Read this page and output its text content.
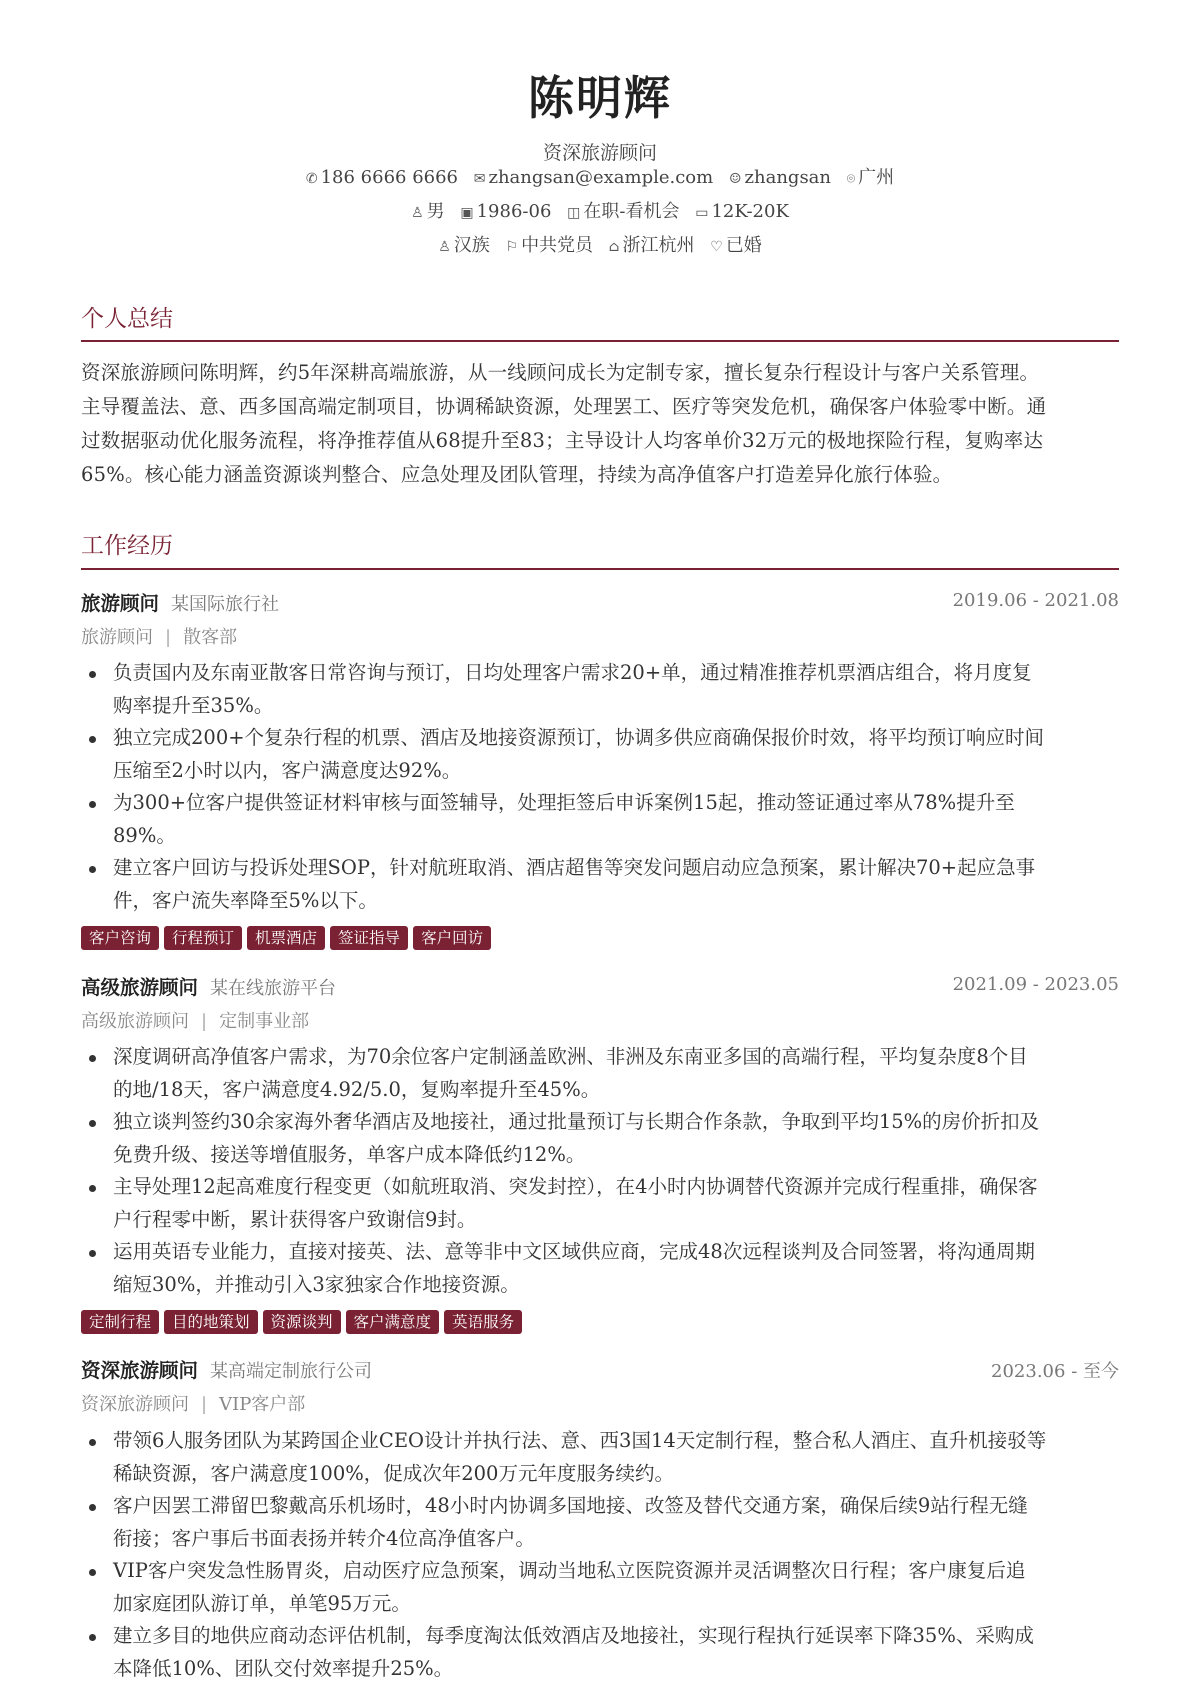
陈明辉
资深旅游顾问
✆ 186 6666 6666 ✉ zhangsan@example.com ☺ zhangsan ⌾ 广州
♙ 男 ▣ 1986-06 ◫ 在职-看机会 ▭ 12K-20K
♙ 汉族 ⚐ 中共党员 ⌂ 浙江杭州 ♡ 已婚
个人总结
资深旅游顾问陈明辉，约5年深耕高端旅游，从一线顾问成长为定制专家，擅长复杂行程设计与客户关系管理。
主导覆盖法、意、西多国高端定制项目，协调稀缺资源，处理罢工、医疗等突发危机，确保客户体验零中断。通
过数据驱动优化服务流程，将净推荐值从68提升至83；主导设计人均客单价32万元的极地探险行程，复购率达
65%。核心能力涵盖资源谈判整合、应急处理及团队管理，持续为高净值客户打造差异化旅行体验。
工作经历
旅游顾问 某国际旅行社	2019.06 - 2021.08
旅游顾问 | 散客部
负责国内及东南亚散客日常咨询与预订，日均处理客户需求20+单，通过精准推荐机票酒店组合，将月度复
购率提升至35%。
独立完成200+个复杂行程的机票、酒店及地接资源预订，协调多供应商确保报价时效，将平均预订响应时间
压缩至2小时以内，客户满意度达92%。
为300+位客户提供签证材料审核与面签辅导，处理拒签后申诉案例15起，推动签证通过率从78%提升至
89%。
建立客户回访与投诉处理SOP，针对航班取消、酒店超售等突发问题启动应急预案，累计解决70+起应急事
件，客户流失率降至5%以下。
客户咨询 行程预订 机票酒店 签证指导 客户回访
高级旅游顾问 某在线旅游平台	2021.09 - 2023.05
高级旅游顾问 | 定制事业部
深度调研高净值客户需求，为70余位客户定制涵盖欧洲、非洲及东南亚多国的高端行程，平均复杂度8个目
的地/18天，客户满意度4.92/5.0，复购率提升至45%。
独立谈判签约30余家海外奢华酒店及地接社，通过批量预订与长期合作条款，争取到平均15%的房价折扣及
免费升级、接送等增值服务，单客户成本降低约12%。
主导处理12起高难度行程变更（如航班取消、突发封控），在4小时内协调替代资源并完成行程重排，确保客
户行程零中断，累计获得客户致谢信9封。
运用英语专业能力，直接对接英、法、意等非中文区域供应商，完成48次远程谈判及合同签署，将沟通周期
缩短30%，并推动引入3家独家合作地接资源。
定制行程 目的地策划 资源谈判 客户满意度 英语服务
资深旅游顾问 某高端定制旅行公司	2023.06 - 至今
资深旅游顾问 | VIP客户部
带领6人服务团队为某跨国企业CEO设计并执行法、意、西3国14天定制行程，整合私人酒庄、直升机接驳等
稀缺资源，客户满意度100%，促成次年200万元年度服务续约。
客户因罢工滞留巴黎戴高乐机场时，48小时内协调多国地接、改签及替代交通方案，确保后续9站行程无缝
衔接；客户事后书面表扬并转介4位高净值客户。
VIP客户突发急性肠胃炎，启动医疗应急预案，调动当地私立医院资源并灵活调整次日行程；客户康复后追
加家庭团队游订单，单笔95万元。
建立多目的地供应商动态评估机制，每季度淘汰低效酒店及地接社，实现行程执行延误率下降35%、采购成
本降低10%、团队交付效率提升25%。
